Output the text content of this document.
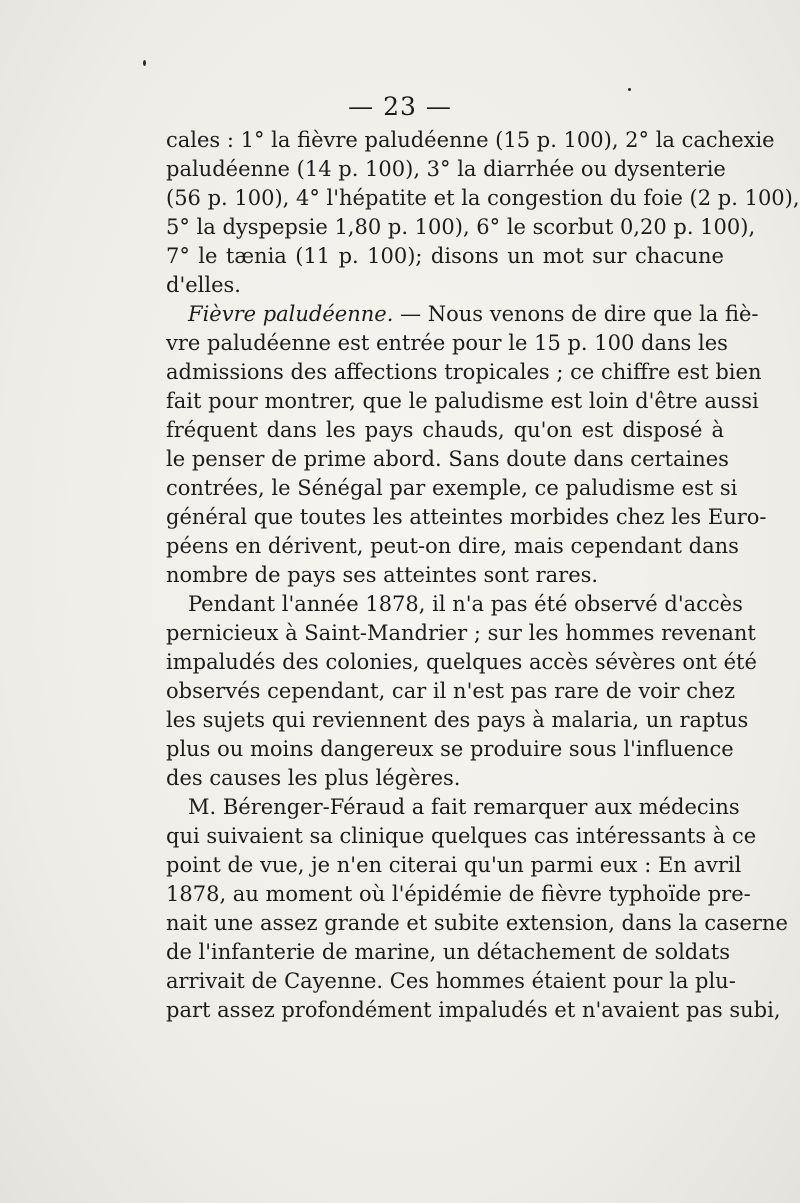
— 23 —
cales : 1° la fièvre paludéenne (15 p. 100), 2° la cachexie
paludéenne (14 p. 100), 3° la diarrhée ou dysenterie
(56 p. 100), 4° l'hépatite et la congestion du foie (2 p. 100),
5° la dyspepsie 1,80 p. 100), 6° le scorbut 0,20 p. 100),
7° le tænia (11 p. 100); disons un mot sur chacune
d'elles.
Fièvre paludéenne. — Nous venons de dire que la fiè-
vre paludéenne est entrée pour le 15 p. 100 dans les
admissions des affections tropicales ; ce chiffre est bien
fait pour montrer, que le paludisme est loin d'être aussi
fréquent dans les pays chauds, qu'on est disposé à
le penser de prime abord. Sans doute dans certaines
contrées, le Sénégal par exemple, ce paludisme est si
général que toutes les atteintes morbides chez les Euro-
péens en dérivent, peut-on dire, mais cependant dans
nombre de pays ses atteintes sont rares.
Pendant l'année 1878, il n'a pas été observé d'accès
pernicieux à Saint-Mandrier ; sur les hommes revenant
impaludés des colonies, quelques accès sévères ont été
observés cependant, car il n'est pas rare de voir chez
les sujets qui reviennent des pays à malaria, un raptus
plus ou moins dangereux se produire sous l'influence
des causes les plus légères.
M. Bérenger-Féraud a fait remarquer aux médecins
qui suivaient sa clinique quelques cas intéressants à ce
point de vue, je n'en citerai qu'un parmi eux : En avril
1878, au moment où l'épidémie de fièvre typhoïde pre-
nait une assez grande et subite extension, dans la caserne
de l'infanterie de marine, un détachement de soldats
arrivait de Cayenne. Ces hommes étaient pour la plu-
part assez profondément impaludés et n'avaient pas subi,
